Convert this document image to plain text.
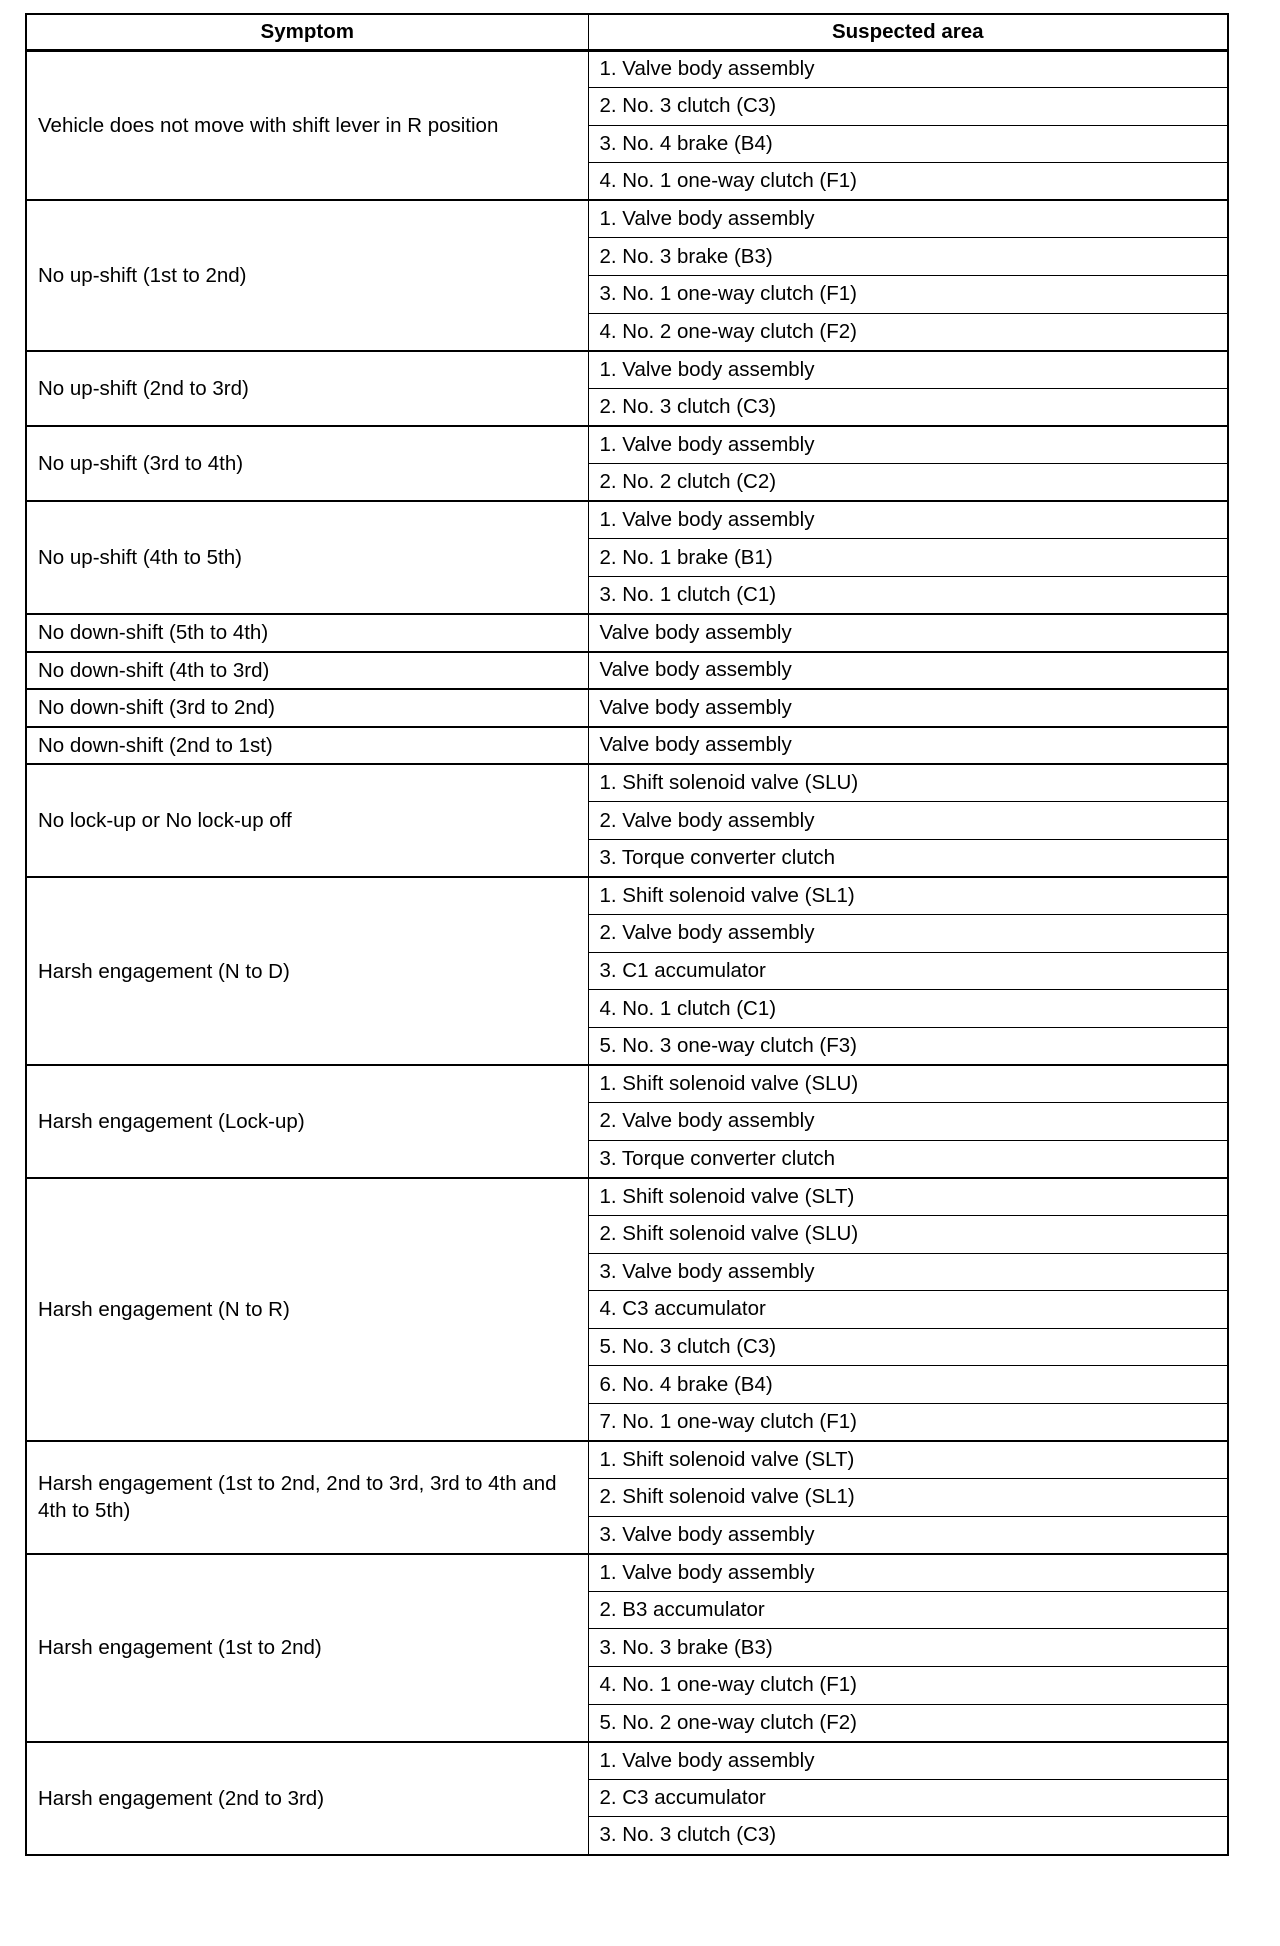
Symptom	Suspected area
Vehicle does not move with shift lever in R position	1. Valve body assembly
	2. No. 3 clutch (C3)
	3. No. 4 brake (B4)
	4. No. 1 one-way clutch (F1)
No up-shift (1st to 2nd)	1. Valve body assembly
	2. No. 3 brake (B3)
	3. No. 1 one-way clutch (F1)
	4. No. 2 one-way clutch (F2)
No up-shift (2nd to 3rd)	1. Valve body assembly
	2. No. 3 clutch (C3)
No up-shift (3rd to 4th)	1. Valve body assembly
	2. No. 2 clutch (C2)
No up-shift (4th to 5th)	1. Valve body assembly
	2. No. 1 brake (B1)
	3. No. 1 clutch (C1)
No down-shift (5th to 4th)	Valve body assembly
No down-shift (4th to 3rd)	Valve body assembly
No down-shift (3rd to 2nd)	Valve body assembly
No down-shift (2nd to 1st)	Valve body assembly
No lock-up or No lock-up off	1. Shift solenoid valve (SLU)
	2. Valve body assembly
	3. Torque converter clutch
Harsh engagement (N to D)	1. Shift solenoid valve (SL1)
	2. Valve body assembly
	3. C1 accumulator
	4. No. 1 clutch (C1)
	5. No. 3 one-way clutch (F3)
Harsh engagement (Lock-up)	1. Shift solenoid valve (SLU)
	2. Valve body assembly
	3. Torque converter clutch
Harsh engagement (N to R)	1. Shift solenoid valve (SLT)
	2. Shift solenoid valve (SLU)
	3. Valve body assembly
	4. C3 accumulator
	5. No. 3 clutch (C3)
	6. No. 4 brake (B4)
	7. No. 1 one-way clutch (F1)
Harsh engagement (1st to 2nd, 2nd to 3rd, 3rd to 4th and 4th to 5th)	1. Shift solenoid valve (SLT)
	2. Shift solenoid valve (SL1)
	3. Valve body assembly
Harsh engagement (1st to 2nd)	1. Valve body assembly
	2. B3 accumulator
	3. No. 3 brake (B3)
	4. No. 1 one-way clutch (F1)
	5. No. 2 one-way clutch (F2)
Harsh engagement (2nd to 3rd)	1. Valve body assembly
	2. C3 accumulator
	3. No. 3 clutch (C3)
